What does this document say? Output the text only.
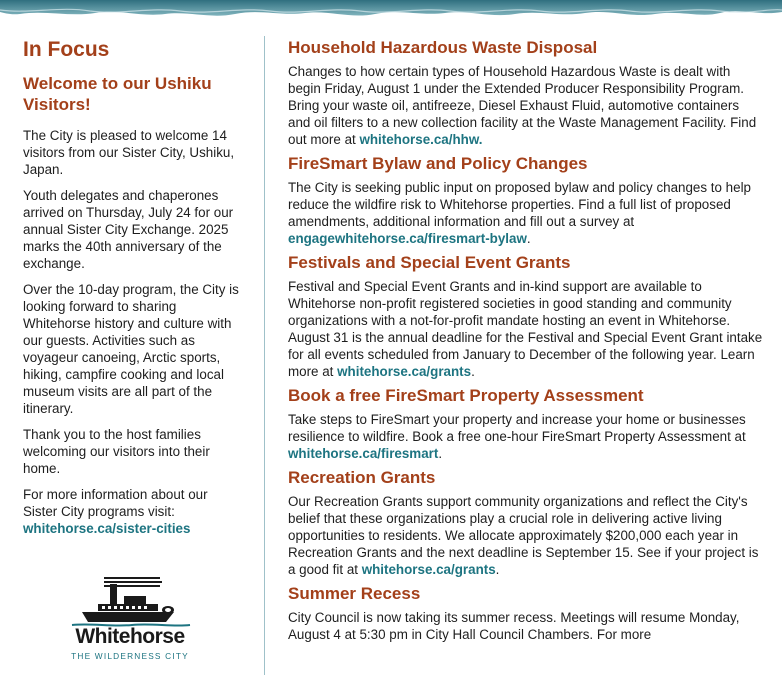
In Focus
Welcome to our Ushiku Visitors!

The City is pleased to welcome 14 visitors from our Sister City, Ushiku, Japan.

Youth delegates and chaperones arrived on Thursday, July 24 for our annual Sister City Exchange. 2025 marks the 40th anniversary of the exchange.

Over the 10-day program, the City is looking forward to sharing Whitehorse history and culture with our guests. Activities such as voyageur canoeing, Arctic sports, hiking, campfire cooking and local museum visits are all part of the itinerary.

Thank you to the host families welcoming our visitors into their home.

For more information about our Sister City programs visit: whitehorse.ca/sister-cities

Whitehorse
THE WILDERNESS CITY
Household Hazardous Waste Disposal

Changes to how certain types of Household Hazardous Waste is dealt with begin Friday, August 1 under the Extended Producer Responsibility Program. Bring your waste oil, antifreeze, Diesel Exhaust Fluid, automotive containers and oil filters to a new collection facility at the Waste Management Facility. Find out more at whitehorse.ca/hhw.

FireSmart Bylaw and Policy Changes

The City is seeking public input on proposed bylaw and policy changes to help reduce the wildfire risk to Whitehorse properties. Find a full list of proposed amendments, additional information and fill out a survey at engagewhitehorse.ca/firesmart-bylaw.

Festivals and Special Event Grants

Festival and Special Event Grants and in-kind support are available to Whitehorse non-profit registered societies in good standing and community organizations with a not-for-profit mandate hosting an event in Whitehorse. August 31 is the annual deadline for the Festival and Special Event Grant intake for all events scheduled from January to December of the following year. Learn more at whitehorse.ca/grants.

Book a free FireSmart Property Assessment

Take steps to FireSmart your property and increase your home or businesses resilience to wildfire. Book a free one-hour FireSmart Property Assessment at whitehorse.ca/firesmart.

Recreation Grants

Our Recreation Grants support community organizations and reflect the City's belief that these organizations play a crucial role in delivering active living opportunities to residents. We allocate approximately $200,000 each year in Recreation Grants and the next deadline is September 15. See if your project is a good fit at whitehorse.ca/grants.

Summer Recess

City Council is now taking its summer recess. Meetings will resume Monday, August 4 at 5:30 pm in City Hall Council Chambers. For more
